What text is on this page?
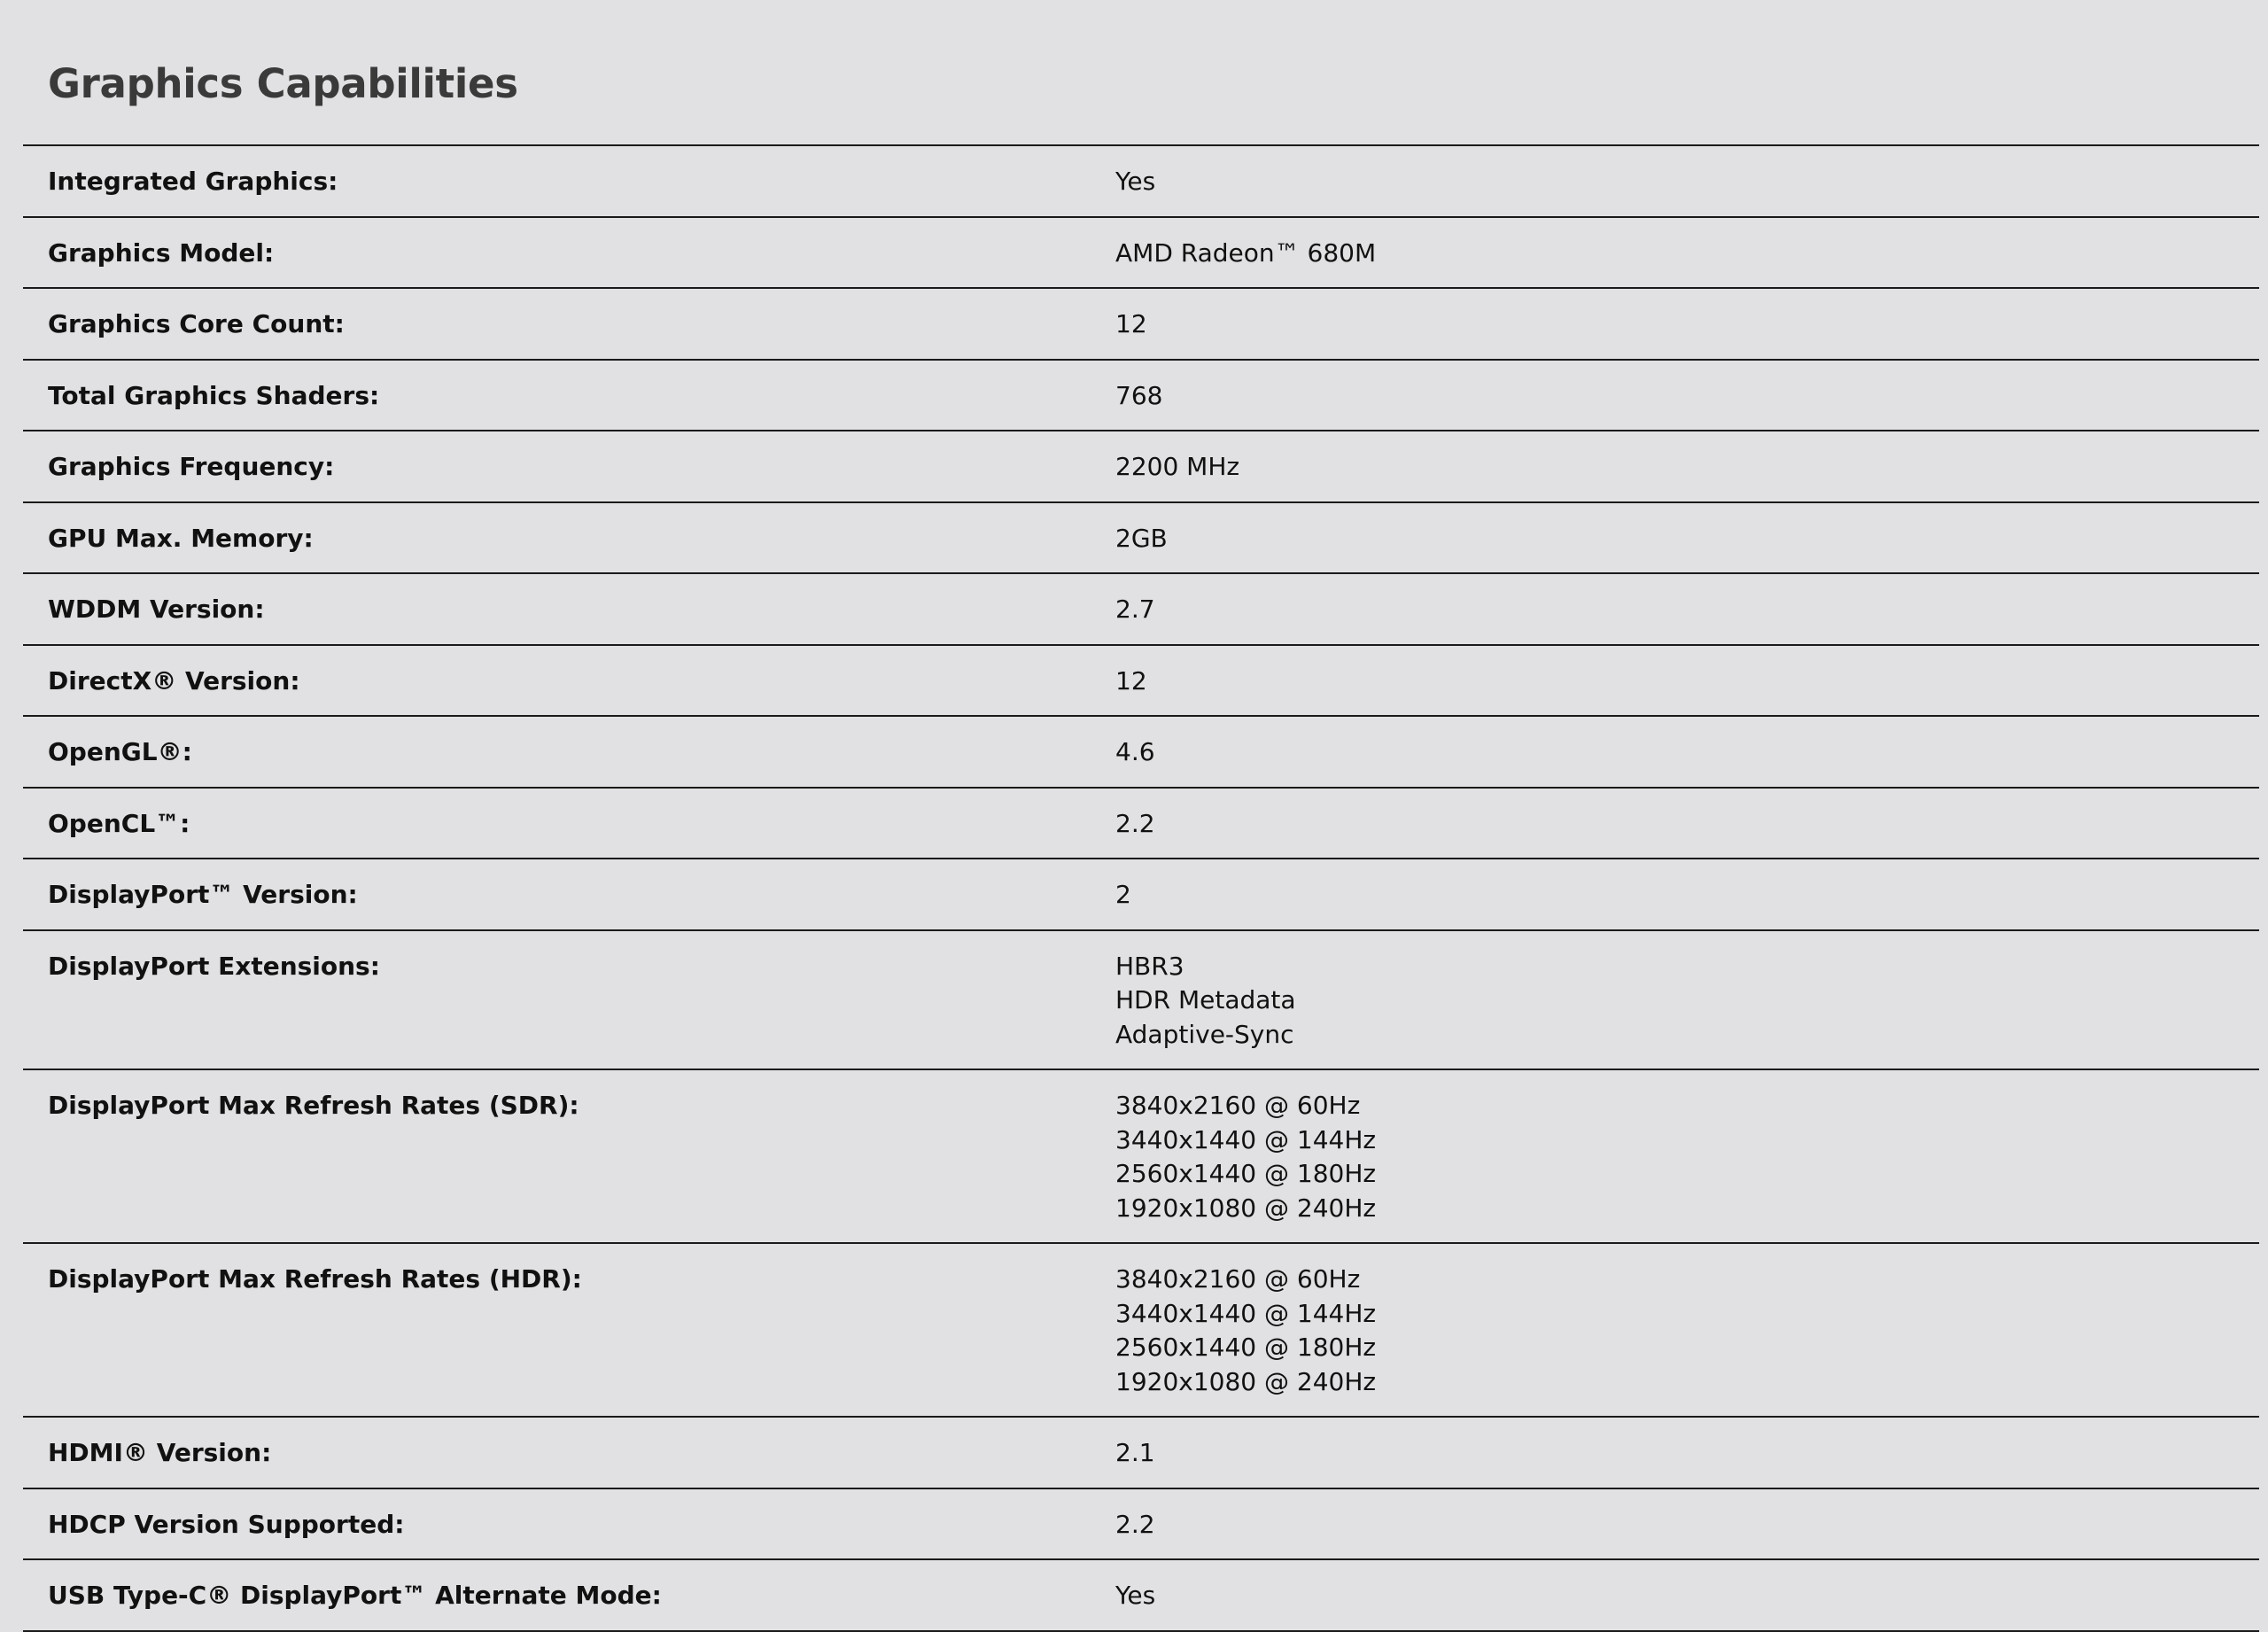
Graphics Capabilities
Integrated Graphics:	Yes
Graphics Model:	AMD Radeon™ 680M
Graphics Core Count:	12
Total Graphics Shaders:	768
Graphics Frequency:	2200 MHz
GPU Max. Memory:	2GB
WDDM Version:	2.7
DirectX® Version:	12
OpenGL®:	4.6
OpenCL™:	2.2
DisplayPort™ Version:	2
DisplayPort Extensions:	HBR3
HDR Metadata
Adaptive-Sync
DisplayPort Max Refresh Rates (SDR):	3840x2160 @ 60Hz
3440x1440 @ 144Hz
2560x1440 @ 180Hz
1920x1080 @ 240Hz
DisplayPort Max Refresh Rates (HDR):	3840x2160 @ 60Hz
3440x1440 @ 144Hz
2560x1440 @ 180Hz
1920x1080 @ 240Hz
HDMI® Version:	2.1
HDCP Version Supported:	2.2
USB Type-C® DisplayPort™ Alternate Mode:	Yes
